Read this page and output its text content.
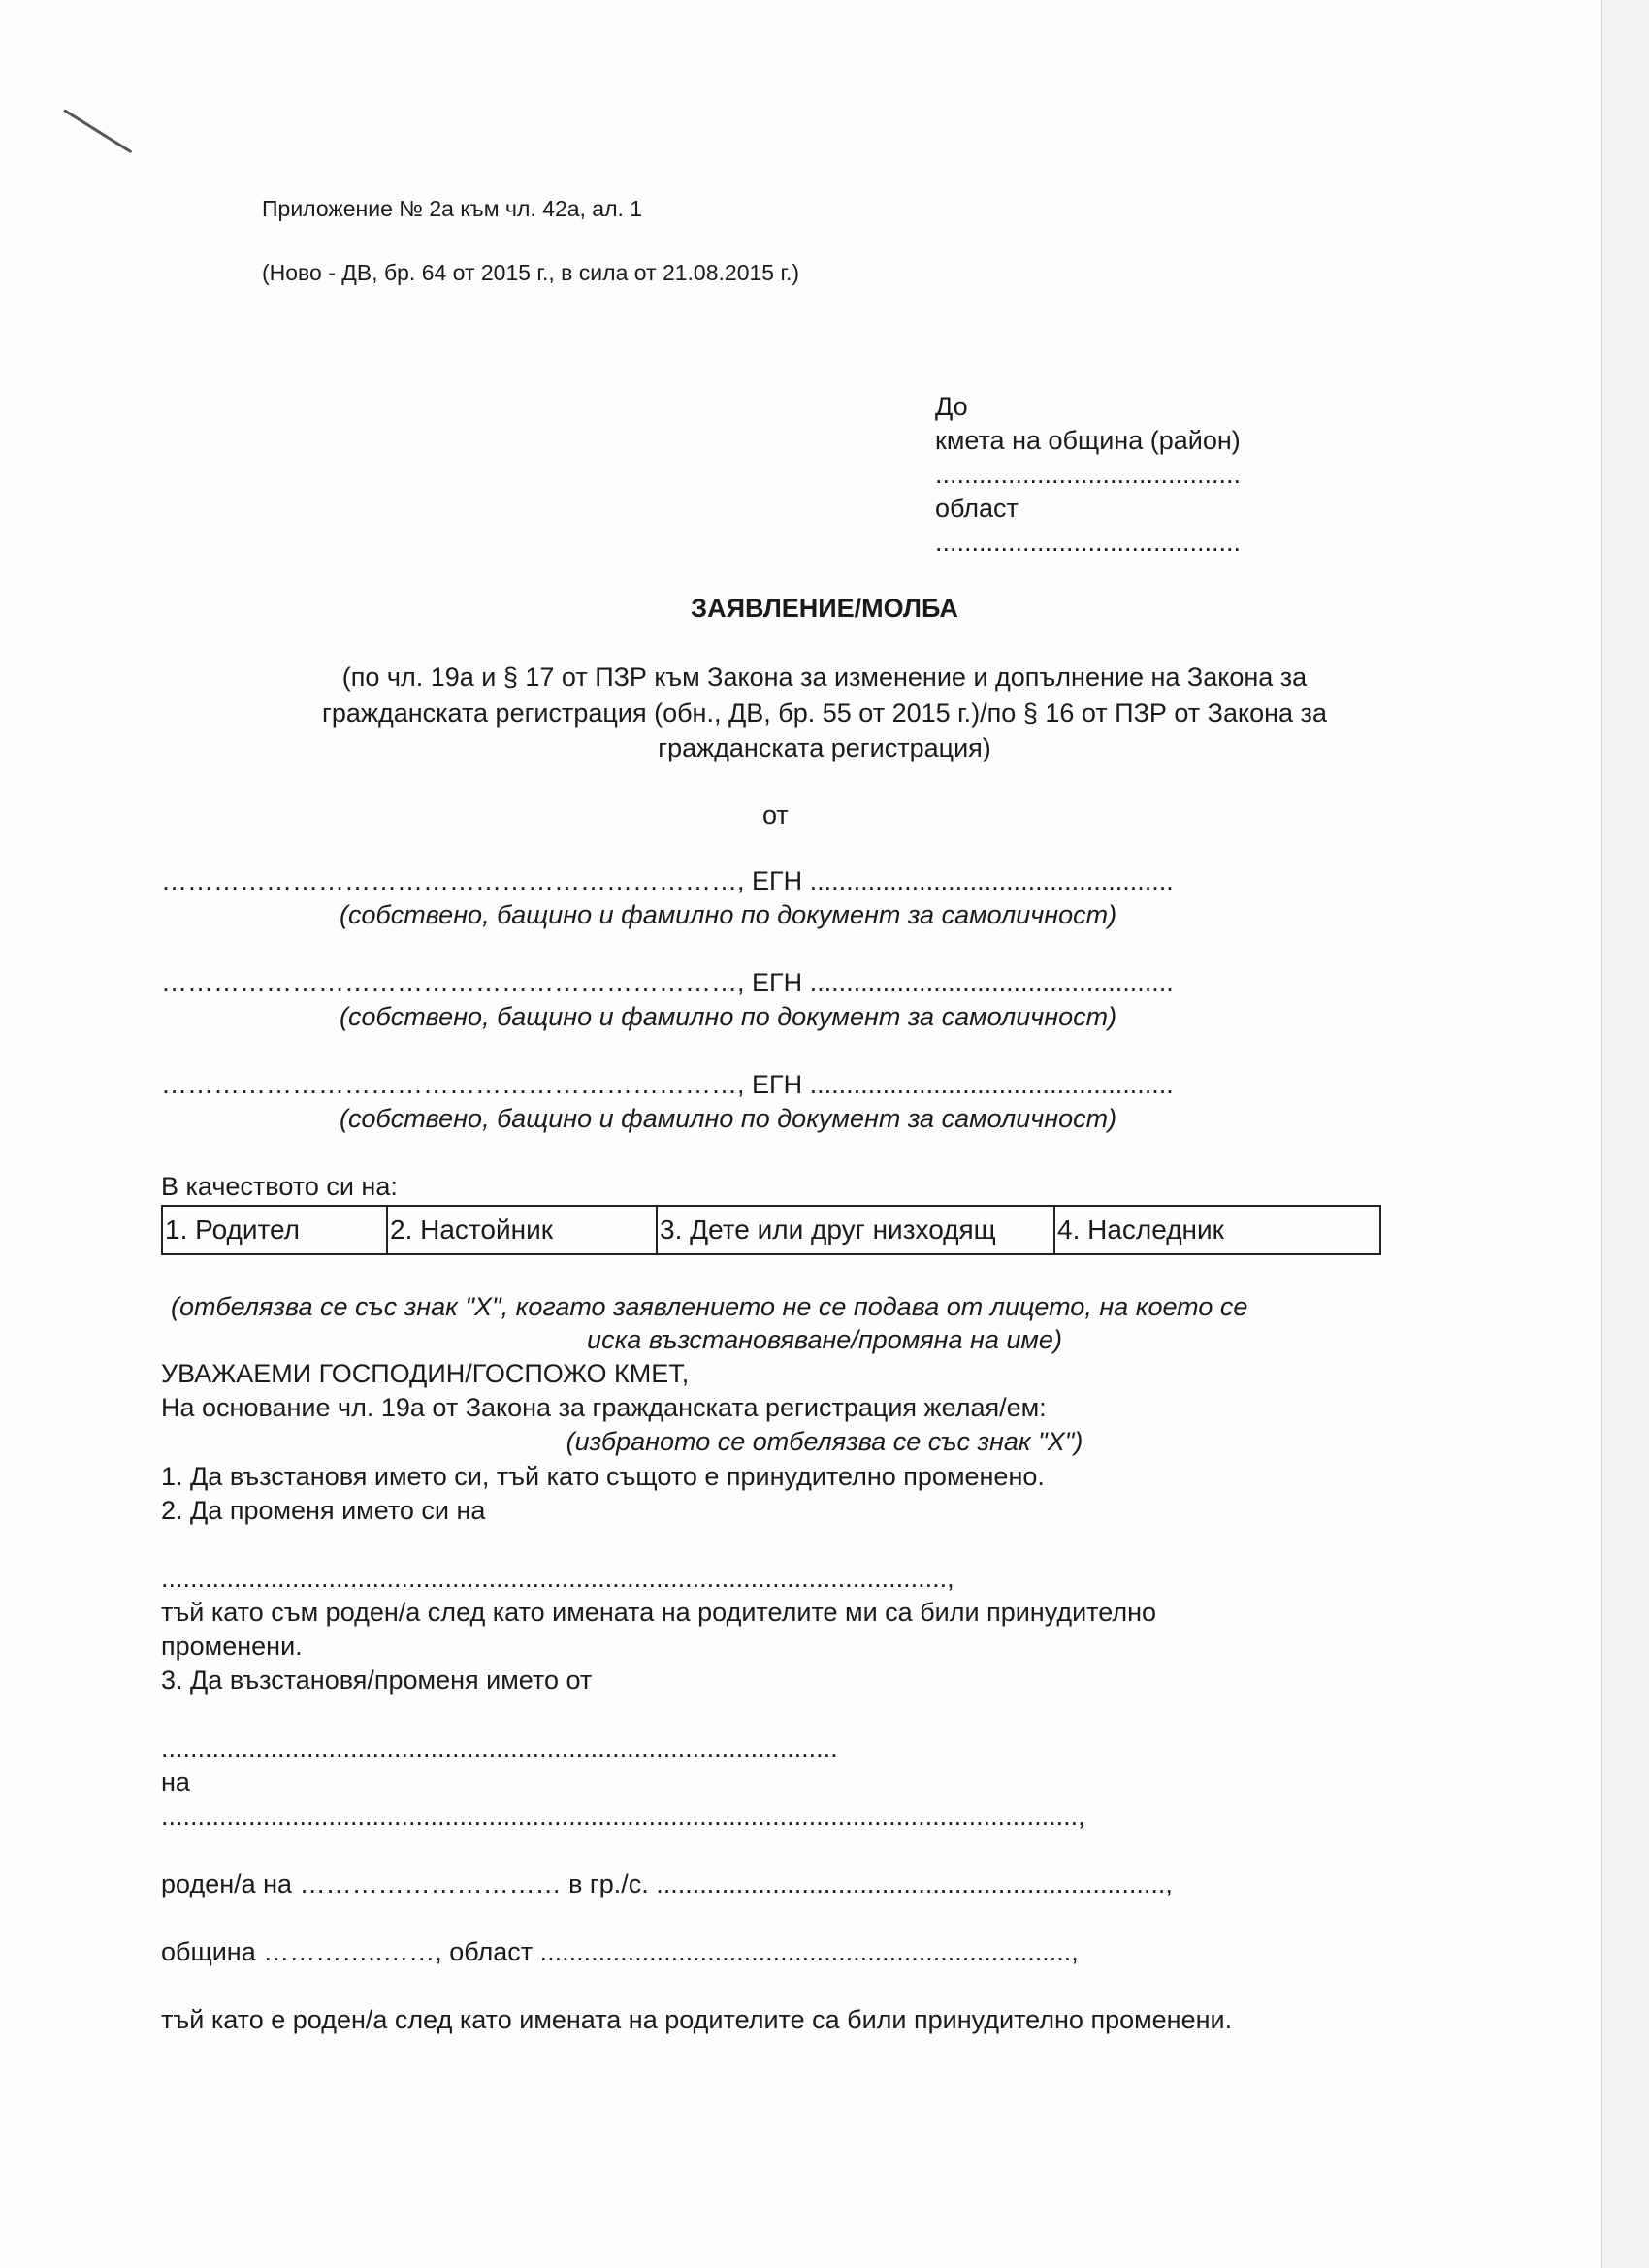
Приложение № 2а към чл. 42а, ал. 1
(Ново - ДВ, бр. 64 от 2015 г., в сила от 21.08.2015 г.)
До
кмета на община (район)
..........................................
област
..........................................
ЗАЯВЛЕНИЕ/МОЛБА
(по чл. 19а и § 17 от ПЗР към Закона за изменение и допълнение на Закона за
гражданската регистрация (обн., ДВ, бр. 55 от 2015 г.)/по § 16 от ПЗР от Закона за
гражданската регистрация)
от
…………………………………………………………, ЕГН ..................................................
(собствено, бащино и фамилно по документ за самоличност)
…………………………………………………………, ЕГН ..................................................
(собствено, бащино и фамилно по документ за самоличност)
…………………………………………………………, ЕГН ..................................................
(собствено, бащино и фамилно по документ за самоличност)
В качеството си на:
1. Родител	2. Настойник	3. Дете или друг низходящ	4. Наследник
(отбелязва се със знак "Х", когато заявлението не се подава от лицето, на което се
иска възстановяване/промяна на име)
УВАЖАЕМИ ГОСПОДИН/ГОСПОЖО КМЕТ,
На основание чл. 19а от Закона за гражданската регистрация желая/ем:
(избраното се отбелязва се със знак "Х")
1. Да възстановя името си, тъй като същото е принудително променено.
2. Да променя името си на
............................................................................................................,
тъй като съм роден/а след като имената на родителите ми са били принудително
променени.
3. Да възстановя/променя името от
.............................................................................................
на
..............................................................................................................................,
роден/а на ………………………… в гр./с. ......................................................................,
община …………..……, област .........................................................................,
тъй като е роден/а след като имената на родителите са били принудително променени.
